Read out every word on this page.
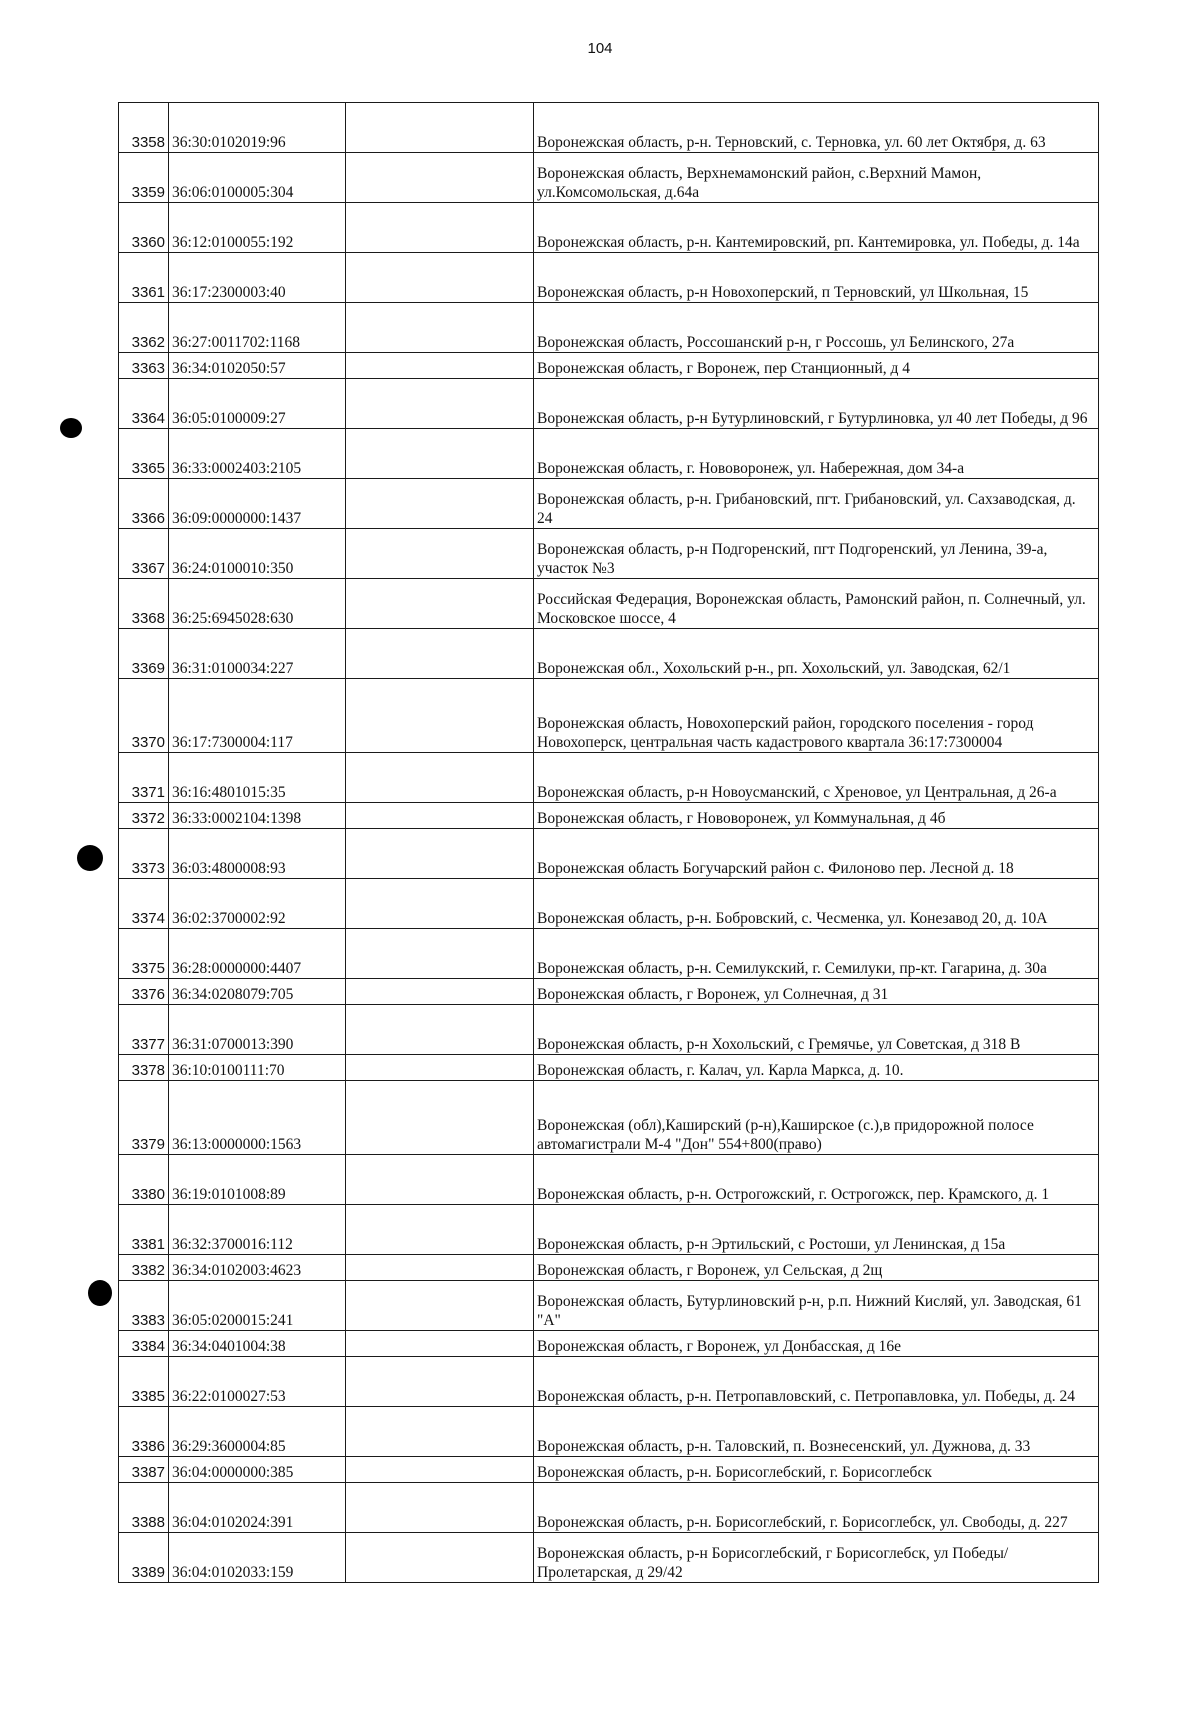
104
3358	36:30:0102019:96		Воронежская область, р-н. Терновский, с. Терновка, ул. 60 лет Октября, д. 63
3359	36:06:0100005:304		Воронежская область, Верхнемамонский район, с.Верхний Мамон, ул.Комсомольская, д.64а
3360	36:12:0100055:192		Воронежская область, р-н. Кантемировский, рп. Кантемировка, ул. Победы, д. 14а
3361	36:17:2300003:40		Воронежская область, р-н Новохоперский, п Терновский, ул Школьная, 15
3362	36:27:0011702:1168		Воронежская область, Россошанский р-н, г Россошь, ул Белинского, 27а
3363	36:34:0102050:57		Воронежская область, г Воронеж, пер Станционный, д 4
3364	36:05:0100009:27		Воронежская область, р-н Бутурлиновский, г Бутурлиновка, ул 40 лет Победы, д 96
3365	36:33:0002403:2105		Воронежская область, г. Нововоронеж, ул. Набережная, дом 34-а
3366	36:09:0000000:1437		Воронежская область, р-н. Грибановский, пгт. Грибановский, ул. Сахзаводская, д. 24
3367	36:24:0100010:350		Воронежская область, р-н Подгоренский, пгт Подгоренский, ул Ленина, 39-а, участок №3
3368	36:25:6945028:630		Российская Федерация, Воронежская область, Рамонский район, п. Солнечный, ул. Московское шоссе, 4
3369	36:31:0100034:227		Воронежская обл., Хохольский р-н., рп. Хохольский, ул. Заводская, 62/1
3370	36:17:7300004:117		Воронежская область, Новохоперский район, городского поселения - город Новохоперск, центральная часть кадастрового квартала 36:17:7300004
3371	36:16:4801015:35		Воронежская область, р-н Новоусманский, с Хреновое, ул Центральная, д 26-а
3372	36:33:0002104:1398		Воронежская область, г Нововоронеж, ул Коммунальная, д 4б
3373	36:03:4800008:93		Воронежская область Богучарский район с. Филоново пер. Лесной д. 18
3374	36:02:3700002:92		Воронежская область, р-н. Бобровский, с. Чесменка, ул. Конезавод 20, д. 10А
3375	36:28:0000000:4407		Воронежская область, р-н. Семилукский, г. Семилуки, пр-кт. Гагарина, д. 30а
3376	36:34:0208079:705		Воронежская область, г Воронеж, ул Солнечная, д 31
3377	36:31:0700013:390		Воронежская область, р-н Хохольский, с Гремячье, ул Советская, д 318 В
3378	36:10:0100111:70		Воронежская область, г. Калач, ул. Карла Маркса, д. 10.
3379	36:13:0000000:1563		Воронежская (обл),Каширский (р-н),Каширское (с.),в придорожной полосе автомагистрали М-4 "Дон" 554+800(право)
3380	36:19:0101008:89		Воронежская область, р-н. Острогожский, г. Острогожск, пер. Крамского, д. 1
3381	36:32:3700016:112		Воронежская область, р-н Эртильский, с Ростоши, ул Ленинская, д 15а
3382	36:34:0102003:4623		Воронежская область, г Воронеж, ул Сельская, д 2щ
3383	36:05:0200015:241		Воронежская область, Бутурлиновский р-н, р.п. Нижний Кисляй, ул. Заводская, 61 "А"
3384	36:34:0401004:38		Воронежская область, г Воронеж, ул Донбасская, д 16е
3385	36:22:0100027:53		Воронежская область, р-н. Петропавловский, с. Петропавловка, ул. Победы, д. 24
3386	36:29:3600004:85		Воронежская область, р-н. Таловский, п. Вознесенский, ул. Дужнова, д. 33
3387	36:04:0000000:385		Воронежская область, р-н. Борисоглебский, г. Борисоглебск
3388	36:04:0102024:391		Воронежская область, р-н. Борисоглебский, г. Борисоглебск, ул. Свободы, д. 227
3389	36:04:0102033:159		Воронежская область, р-н Борисоглебский, г Борисоглебск, ул Победы/Пролетарская, д 29/42
